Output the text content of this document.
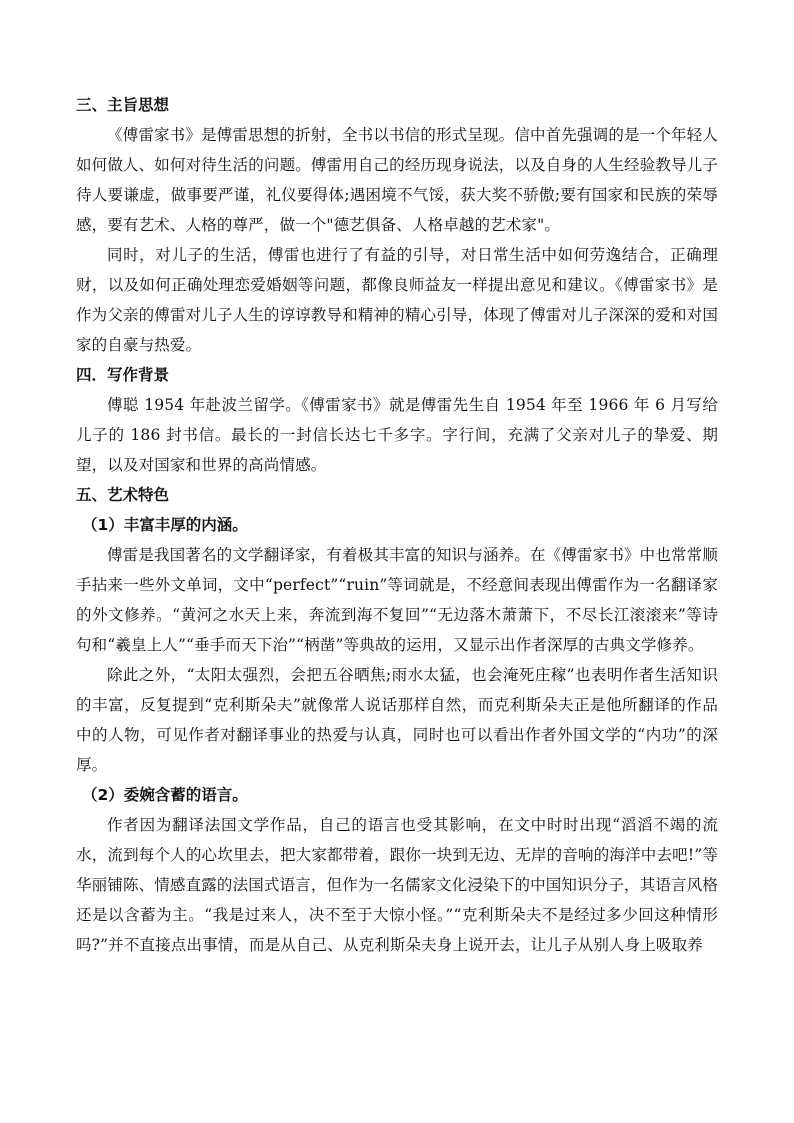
三、主旨思想

《傅雷家书》是傅雷思想的折射，全书以书信的形式呈现。信中首先强调的是一个年轻人如何做人、如何对待生活的问题。傅雷用自己的经历现身说法，以及自身的人生经验教导儿子待人要谦虚，做事要严谨，礼仪要得体;遇困境不气馁，获大奖不骄傲;要有国家和民族的荣辱感，要有艺术、人格的尊严，做一个"德艺俱备、人格卓越的艺术家"。

同时，对儿子的生活，傅雷也进行了有益的引导，对日常生活中如何劳逸结合，正确理财，以及如何正确处理恋爱婚姻等问题，都像良师益友一样提出意见和建议。《傅雷家书》是作为父亲的傅雷对儿子人生的谆谆教导和精神的精心引导，体现了傅雷对儿子深深的爱和对国家的自豪与热爱。

四．写作背景

傅聪 1954 年赴波兰留学。《傅雷家书》就是傅雷先生自 1954 年至 1966 年 6 月写给儿子的 186 封书信。最长的一封信长达七千多字。字行间，充满了父亲对儿子的挚爱、期望，以及对国家和世界的高尚情感。

五、艺术特色
（1）丰富丰厚的内涵。

傅雷是我国著名的文学翻译家，有着极其丰富的知识与涵养。在《傅雷家书》中也常常顺手拈来一些外文单词，文中“perfect”“ruin”等词就是，不经意间表现出傅雷作为一名翻译家的外文修养。“黄河之水天上来，奔流到海不复回”“无边落木萧萧下，不尽长江滚滚来”等诗句和“羲皇上人”“垂手而天下治”“柄凿”等典故的运用，又显示出作者深厚的古典文学修养。

除此之外，“太阳太强烈，会把五谷晒焦;雨水太猛，也会淹死庄稼”也表明作者生活知识的丰富，反复提到“克利斯朵夫”就像常人说话那样自然，而克利斯朵夫正是他所翻译的作品中的人物，可见作者对翻译事业的热爱与认真，同时也可以看出作者外国文学的“内功”的深厚。

（2）委婉含蓄的语言。

作者因为翻译法国文学作品，自己的语言也受其影响，在文中时时出现“滔滔不竭的流水，流到每个人的心坎里去，把大家都带着，跟你一块到无边、无岸的音响的海洋中去吧!”等华丽铺陈、情感直露的法国式语言，但作为一名儒家文化浸染下的中国知识分子，其语言风格还是以含蓄为主。“我是过来人，决不至于大惊小怪。”“克利斯朵夫不是经过多少回这种情形吗?”并不直接点出事情，而是从自己、从克利斯朵夫身上说开去，让儿子从别人身上吸取养
